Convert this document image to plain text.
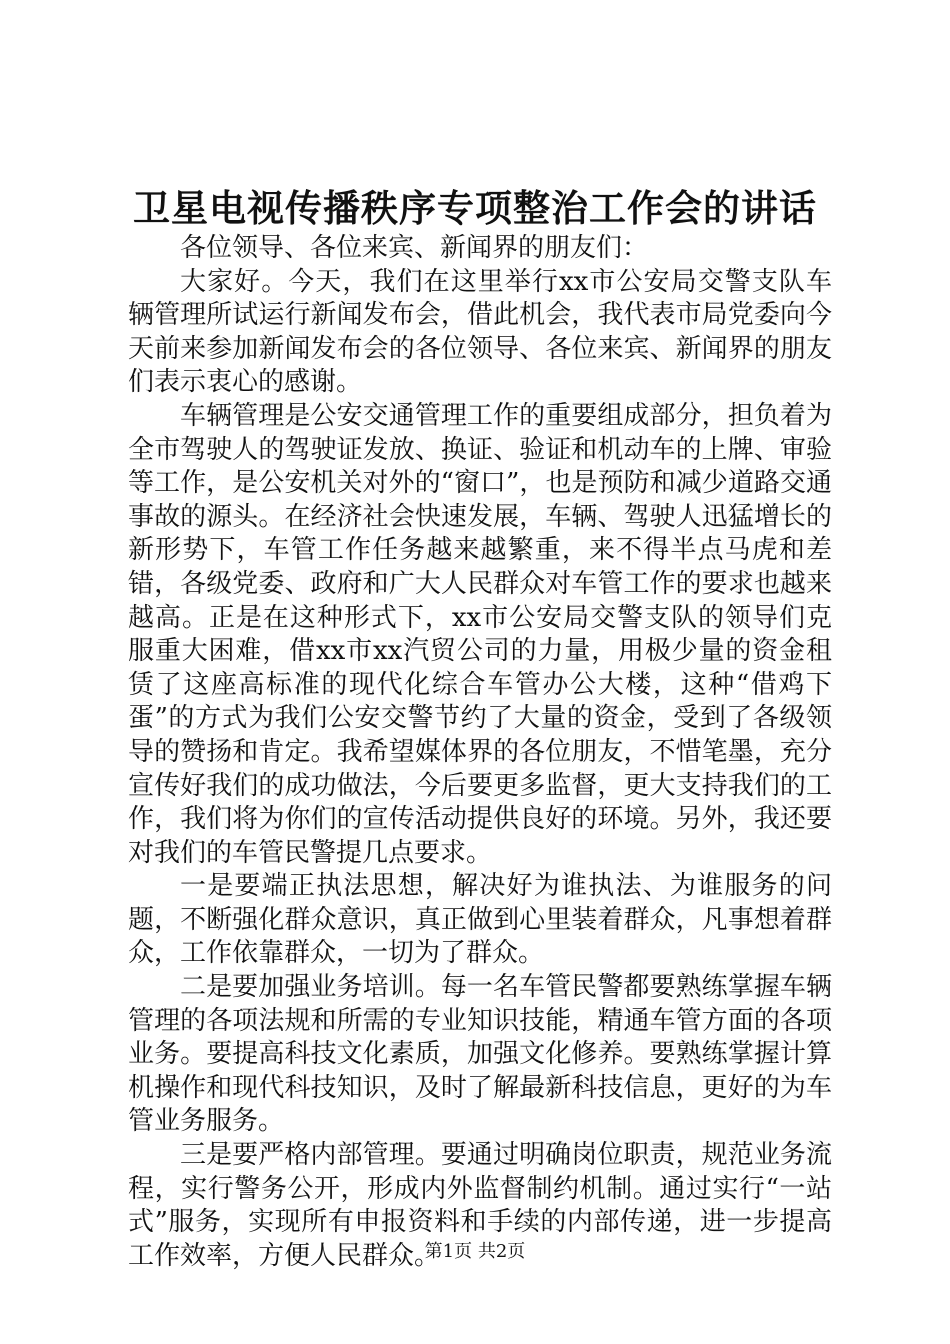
卫星电视传播秩序专项整治工作会的讲话

各位领导、各位来宾、新闻界的朋友们：

大家好。今天，我们在这里举行xx市公安局交警支队车辆管理所试运行新闻发布会，借此机会，我代表市局党委向今天前来参加新闻发布会的各位领导、各位来宾、新闻界的朋友们表示衷心的感谢。

车辆管理是公安交通管理工作的重要组成部分，担负着为全市驾驶人的驾驶证发放、换证、验证和机动车的上牌、审验等工作，是公安机关对外的“窗口”，也是预防和减少道路交通事故的源头。在经济社会快速发展，车辆、驾驶人迅猛增长的新形势下，车管工作任务越来越繁重，来不得半点马虎和差错，各级党委、政府和广大人民群众对车管工作的要求也越来越高。正是在这种形式下，xx市公安局交警支队的领导们克服重大困难，借xx市xx汽贸公司的力量，用极少量的资金租赁了这座高标准的现代化综合车管办公大楼，这种“借鸡下蛋”的方式为我们公安交警节约了大量的资金，受到了各级领导的赞扬和肯定。我希望媒体界的各位朋友，不惜笔墨，充分宣传好我们的成功做法，今后要更多监督，更大支持我们的工作，我们将为你们的宣传活动提供良好的环境。另外，我还要对我们的车管民警提几点要求。

一是要端正执法思想，解决好为谁执法、为谁服务的问题，不断强化群众意识，真正做到心里装着群众，凡事想着群众，工作依靠群众，一切为了群众。

二是要加强业务培训。每一名车管民警都要熟练掌握车辆管理的各项法规和所需的专业知识技能，精通车管方面的各项业务。要提高科技文化素质，加强文化修养。要熟练掌握计算机操作和现代科技知识，及时了解最新科技信息，更好的为车管业务服务。

三是要严格内部管理。要通过明确岗位职责，规范业务流程，实行警务公开，形成内外监督制约机制。通过实行“一站式”服务，实现所有申报资料和手续的内部传递，进一步提高工作效率，方便人民群众。

第1页 共2页
